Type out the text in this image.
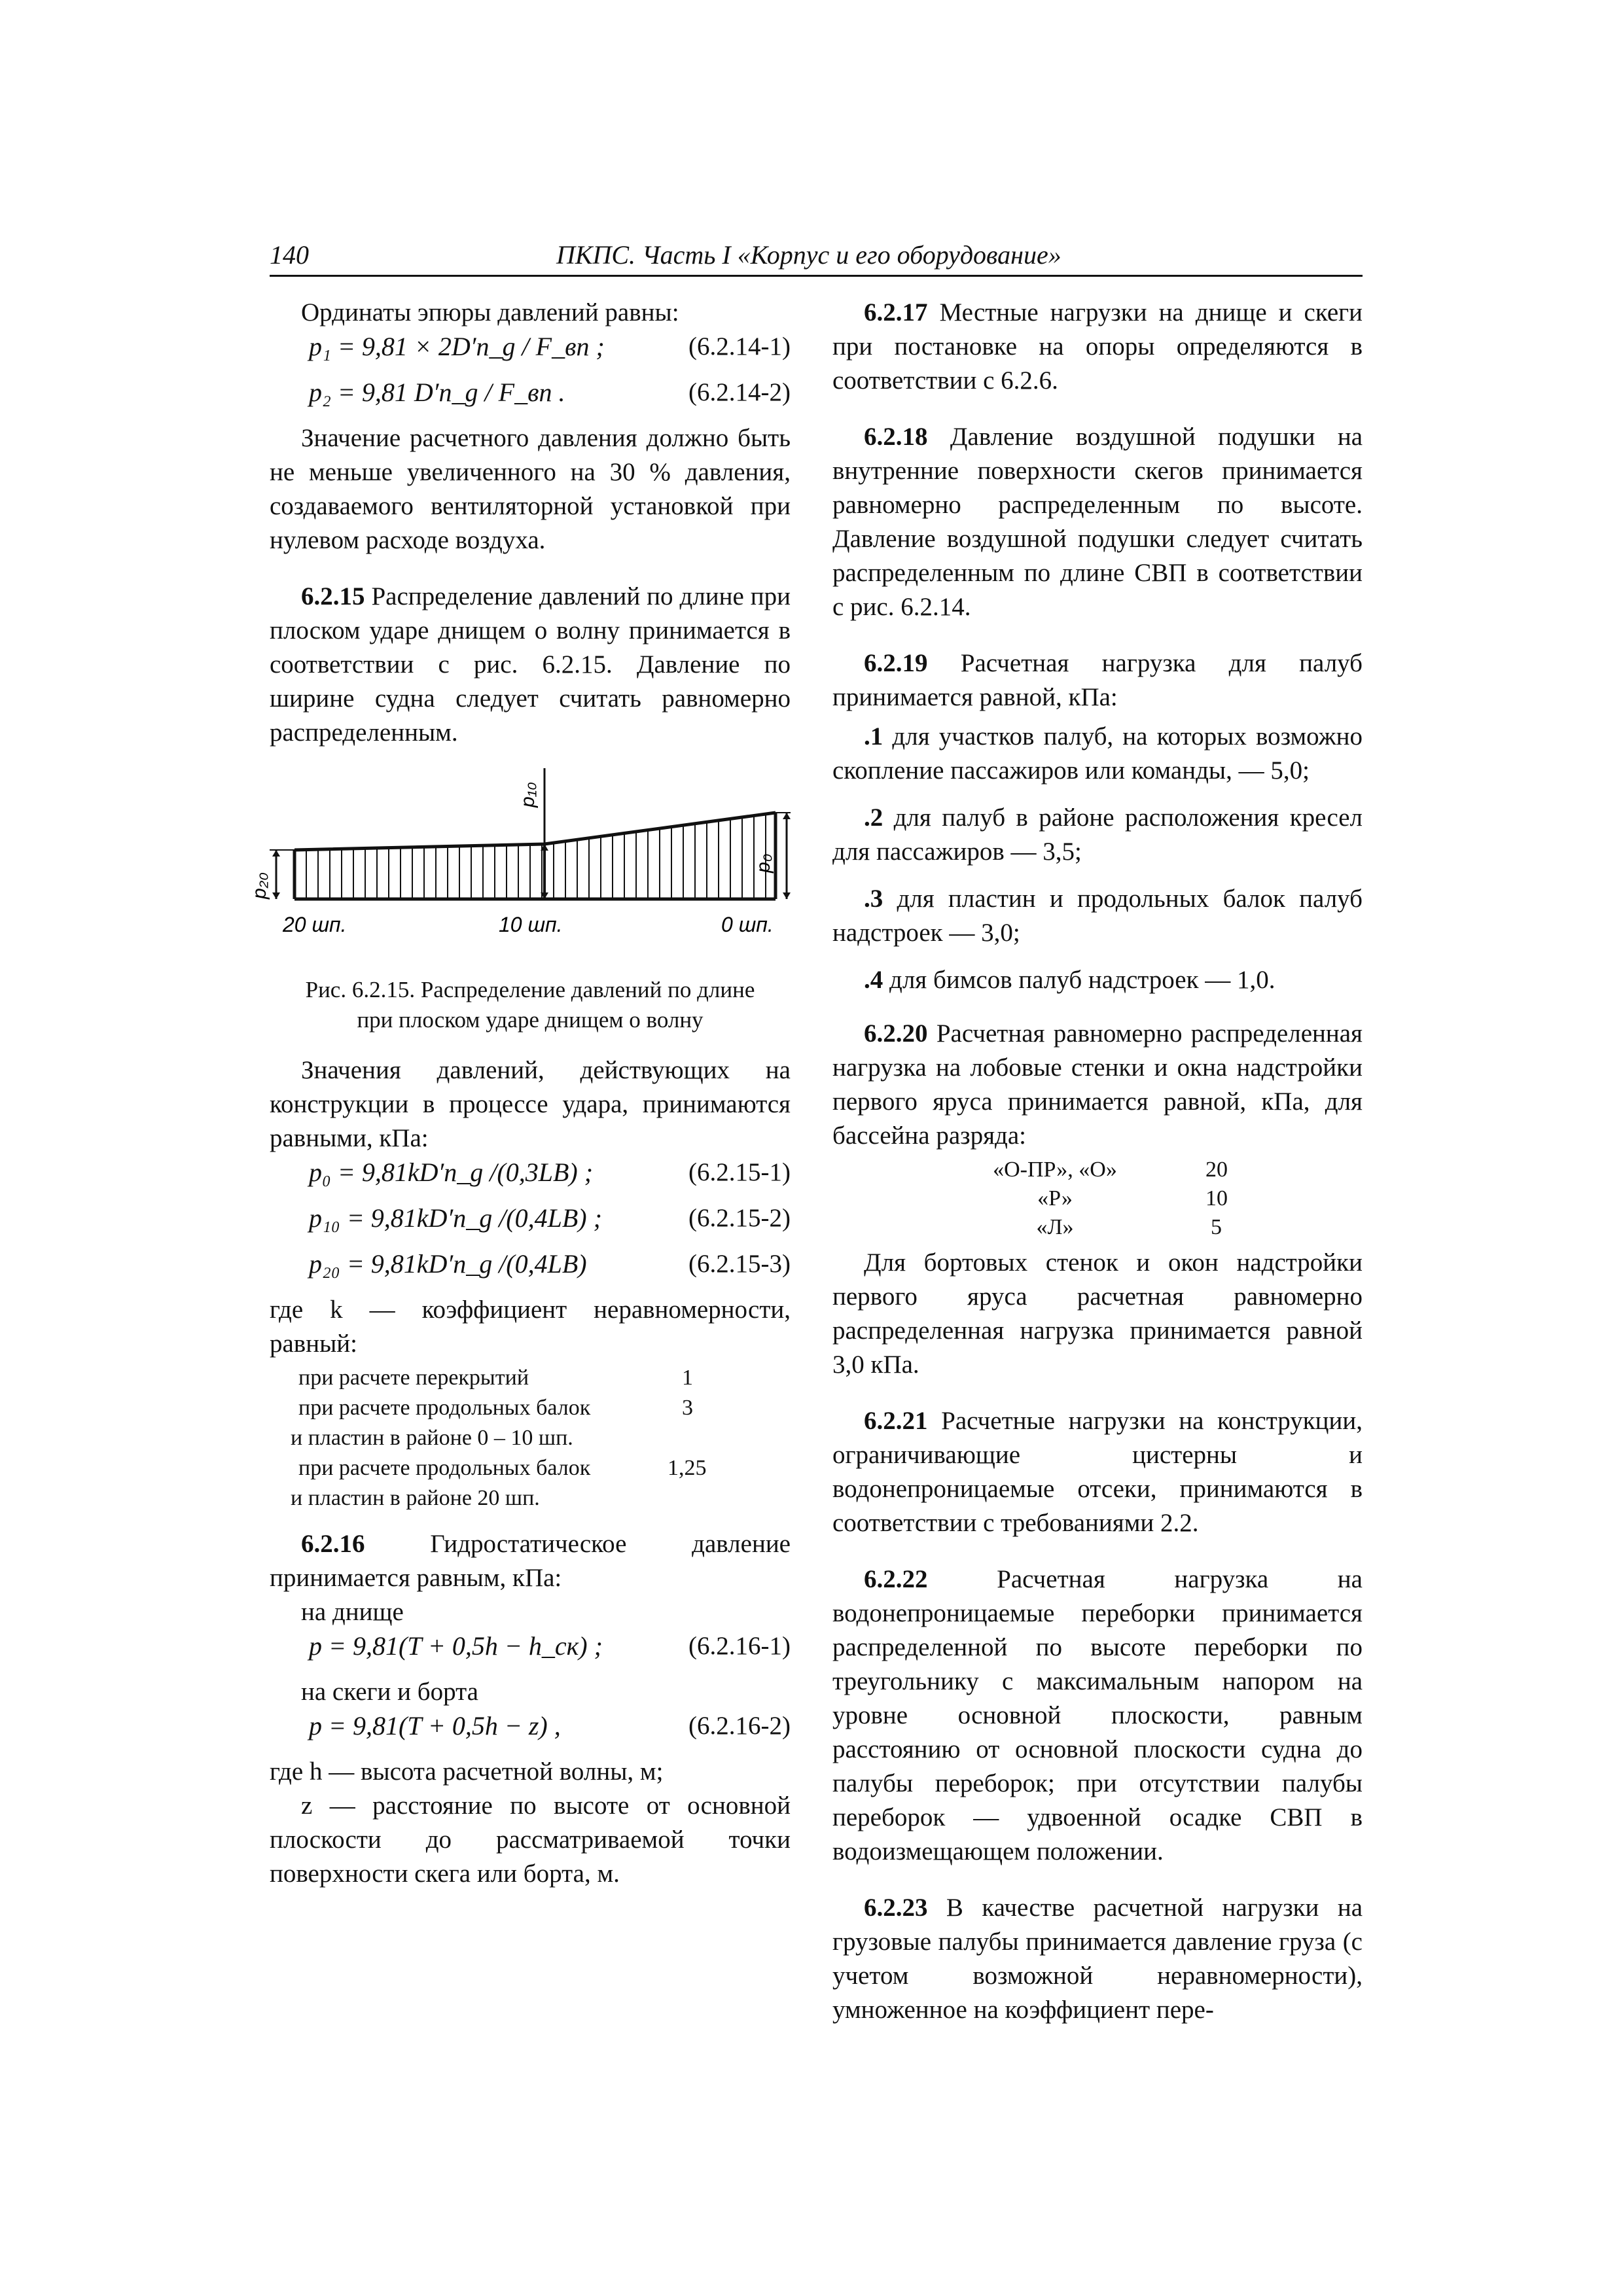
140	ПКПС. Часть I «Корпус и его оборудование»

Ординаты эпюры давлений равны:

p₁ = 9,81 × 2D′n_g / F_вп ;	(6.2.14-1)
p₂ = 9,81 D′n_g / F_вп .	(6.2.14-2)

Значение расчетного давления должно быть не меньше увеличенного на 30 % давления, создаваемого вентиляторной установкой при нулевом расходе воздуха.

6.2.15 Распределение давлений по длине при плоском ударе днищем о волну принимается в соответствии с рис. 6.2.15. Давление по ширине судна следует считать равномерно распределенным.

p₂₀
p₁₀
p₀
20 шп.	10 шп.	0 шп.
Рис. 6.2.15. Распределение давлений по длине
при плоском ударе днищем о волну

Значения давлений, действующих на конструкции в процессе удара, принимаются равными, кПа:

p₀ = 9,81kD′n_g /(0,3LB) ;	(6.2.15-1)
p₁₀ = 9,81kD′n_g /(0,4LB) ;	(6.2.15-2)
p₂₀ = 9,81kD′n_g /(0,4LB)	(6.2.15-3)

где k — коэффициент неравномерности, равный:

при расчете перекрытий	1
при расчете продольных балок	3
и пластин в районе 0 – 10 шп.
при расчете продольных балок	1,25
и пластин в районе 20 шп.

6.2.16	Гидростатическое давление принимается равным, кПа:

на днище

p = 9,81(T + 0,5h − h_ск) ;	(6.2.16-1)

на скеги и борта

p = 9,81(T + 0,5h − z) ,	(6.2.16-2)

где h — высота расчетной волны, м;

z — расстояние по высоте от основной плоскости до рассматриваемой точки поверхности скега или борта, м.

6.2.17 Местные нагрузки на днище и скеги при постановке на опоры определяются в соответствии с 6.2.6.

6.2.18 Давление воздушной подушки на внутренние поверхности скегов принимается равномерно распределенным по высоте. Давление воздушной подушки следует считать распределенным по длине СВП в соответствии с рис. 6.2.14.

6.2.19 Расчетная нагрузка для палуб принимается равной, кПа:

.1 для участков палуб, на которых возможно скопление пассажиров или команды, — 5,0;

.2 для палуб в районе расположения кресел для пассажиров — 3,5;

.3 для пластин и продольных балок палуб надстроек — 3,0;

.4 для бимсов палуб надстроек — 1,0.

6.2.20 Расчетная равномерно распределенная нагрузка на лобовые стенки и окна надстройки первого яруса принимается равной, кПа, для бассейна разряда:

«О-ПР», «О»	20
«Р»	10
«Л»	5

Для бортовых стенок и окон надстройки первого яруса расчетная равномерно распределенная нагрузка принимается равной 3,0 кПа.

6.2.21 Расчетные нагрузки на конструкции, ограничивающие цистерны и водонепроницаемые отсеки, принимаются в соответствии с требованиями 2.2.

6.2.22	Расчетная нагрузка на водонепроницаемые переборки принимается распределенной по высоте переборки по треугольнику с максимальным напором на уровне основной плоскости, равным расстоянию от основной плоскости судна до палубы переборок; при отсутствии палубы переборок — удвоенной осадке СВП в водоизмещающем положении.

6.2.23 В качестве расчетной нагрузки на грузовые палубы принимается давление груза (с учетом возможной неравномерности), умноженное на коэффициент пере-
